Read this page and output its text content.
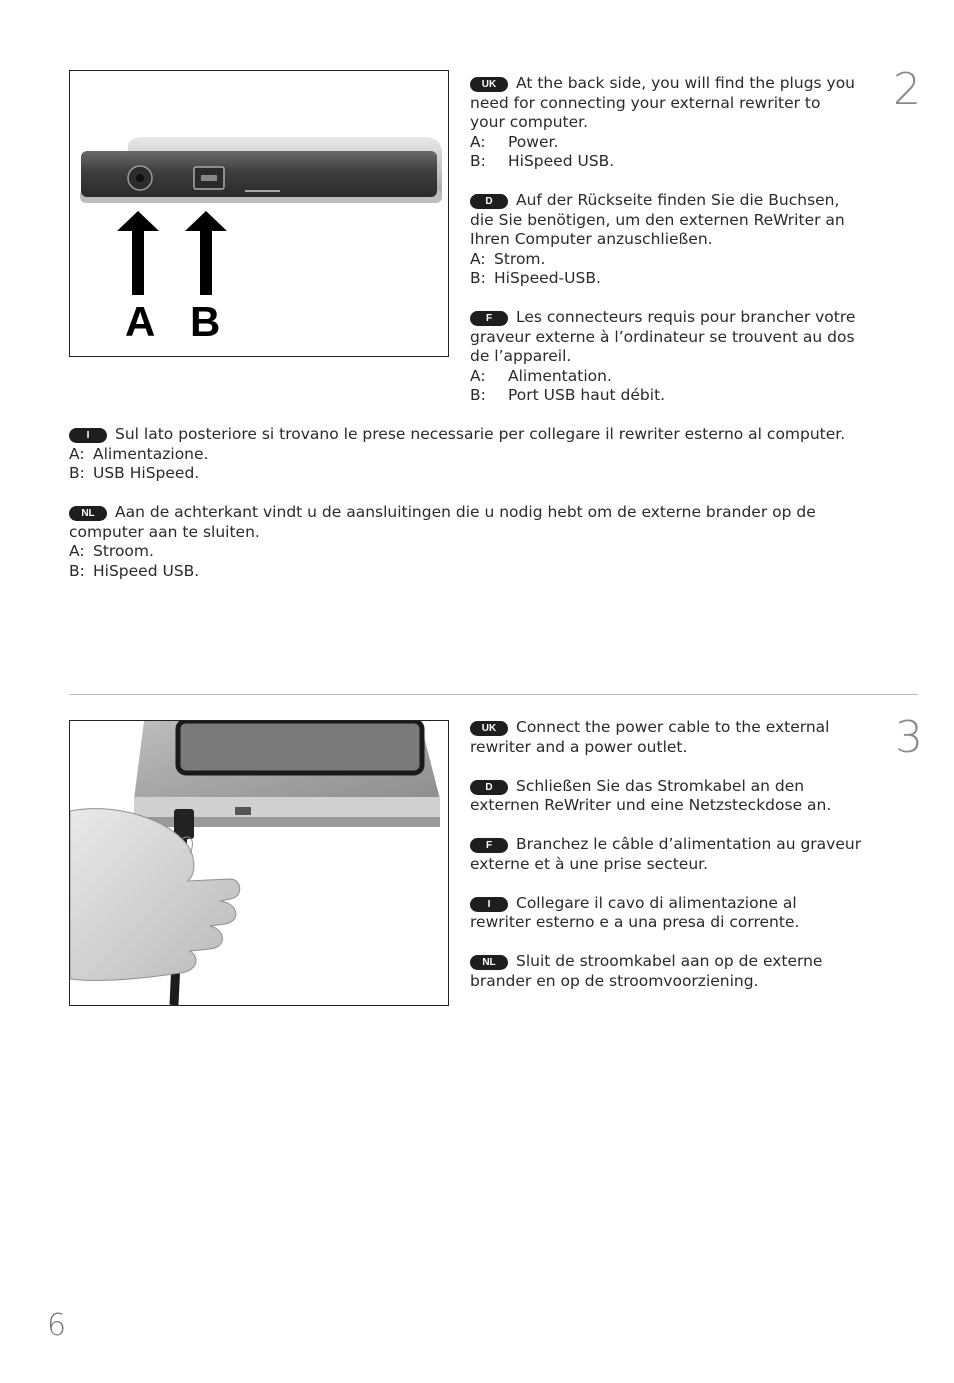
A B
2
UK At the back side, you will find the plugs you
need for connecting your external rewriter to
your computer.
A: Power.
B: HiSpeed USB.
D Auf der Rückseite finden Sie die Buchsen,
die Sie benötigen, um den externen ReWriter an
Ihren Computer anzuschließen.
A: Strom.
B: HiSpeed-USB.
F Les connecteurs requis pour brancher votre
graveur externe à l’ordinateur se trouvent au dos
de l’appareil.
A: Alimentation.
B: Port USB haut débit.
I Sul lato posteriore si trovano le prese necessarie per collegare il rewriter esterno al computer.
A: Alimentazione.
B: USB HiSpeed.
NL Aan de achterkant vindt u de aansluitingen die u nodig hebt om de externe brander op de
computer aan te sluiten.
A: Stroom.
B: HiSpeed USB.
3
UK Connect the power cable to the external
rewriter and a power outlet.
D Schließen Sie das Stromkabel an den
externen ReWriter und eine Netzsteckdose an.
F Branchez le câble d’alimentation au graveur
externe et à une prise secteur.
I Collegare il cavo di alimentazione al
rewriter esterno e a una presa di corrente.
NL Sluit de stroomkabel aan op de externe
brander en op de stroomvoorziening.
6
